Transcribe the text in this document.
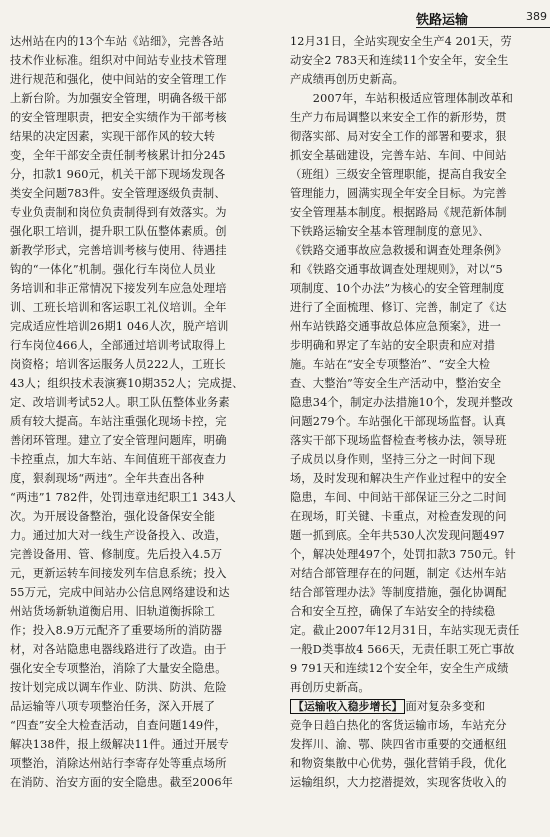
铁路运输	389

达州站在内的13个车站《站细》，完善各站

技术作业标准。组织对中间站专业技术管理

进行规范和强化，使中间站的安全管理工作

上新台阶。为加强安全管理，明确各级干部

的安全管理职责，把安全实绩作为干部考核

结果的决定因素，实现干部作风的较大转

变，全年干部安全责任制考核累计扣分245

分，扣款1 960元，机关干部下现场发现各

类安全问题783件。安全管理逐级负责制、

专业负责制和岗位负责制得到有效落实。为

强化职工培训，提升职工队伍整体素质。创

新教学形式，完善培训考核与使用、待遇挂

钩的“一体化”机制。强化行车岗位人员业

务培训和非正常情况下接发列车应急处理培

训、工班长培训和客运职工礼仪培训。全年

完成适应性培训26期1 046人次，脱产培训

行车岗位466人，全部通过培训考试取得上

岗资格；培训客运服务人员222人，工班长

43人；组织技术表演赛10期352人；完成提、

定、改培训考试52人。职工队伍整体业务素

质有较大提高。车站注重强化现场卡控，完

善闭环管理。建立了安全管理问题库，明确

卡控重点，加大车站、车间值班干部夜查力

度，狠刹现场“两违”。全年共查出各种

“两违”1 782件，处罚违章违纪职工1 343人

次。为开展设备整治，强化设备保安全能

力。通过加大对一线生产设备投入、改造，

完善设备用、管、修制度。先后投入4.5万

元，更新运转车间接发列车信息系统；投入

55万元，完成中间站办公信息网络建设和达

州站货场新轨道衡启用、旧轨道衡拆除工

作；投入8.9万元配齐了重要场所的消防器

材，对各站隐患电器线路进行了改造。由于

强化安全专项整治，消除了大量安全隐患。

按计划完成以调车作业、防洪、防洪、危险

品运输等八项专项整治任务，深入开展了

“四查”安全大检查活动，自查问题149件，

解决138件，报上级解决11件。通过开展专

项整治，消除达州站行李寄存处等重点场所

在消防、治安方面的安全隐患。截至2006年

12月31日，全站实现安全生产4 201天，劳

动安全2 783天和连续11个安全年，安全生

产成绩再创历史新高。

　　2007年，车站积极适应管理体制改革和

生产力布局调整以来安全工作的新形势，贯

彻落实部、局对安全工作的部署和要求，狠

抓安全基础建设，完善车站、车间、中间站

（班组）三级安全管理职能，提高自我安全

管理能力，圆满实现全年安全目标。为完善

安全管理基本制度。根据路局《规范新体制

下铁路运输安全基本管理制度的意见》、

《铁路交通事故应急救援和调查处理条例》

和《铁路交通事故调查处理规则》，对以“5

项制度、10个办法”为核心的安全管理制度

进行了全面梳理、修订、完善，制定了《达

州车站铁路交通事故总体应急预案》，进一

步明确和界定了车站的安全职责和应对措

施。车站在“安全专项整治”、“安全大检

查、大整治”等安全生产活动中，整治安全

隐患34个，制定办法措施10个，发现并整改

问题279个。车站强化干部现场监督。认真

落实干部下现场监督检查考核办法，领导班

子成员以身作则，坚持三分之一时间下现

场，及时发现和解决生产作业过程中的安全

隐患，车间、中间站干部保证三分之二时间

在现场，盯关键、卡重点，对检查发现的问

题一抓到底。全年共530人次发现问题497

个，解决处理497个，处罚扣款3 750元。针

对结合部管理存在的问题，制定《达州车站

结合部管理办法》等制度措施，强化协调配

合和安全互控，确保了车站安全的持续稳

定。截止2007年12月31日，车站实现无责任

一般D类事故4 566天，无责任职工死亡事故

9 791天和连续12个安全年，安全生产成绩

再创历史新高。

【运输收入稳步增长】 面对复杂多变和

竞争日趋白热化的客货运输市场，车站充分

发挥川、渝、鄂、陕四省市重要的交通枢纽

和物资集散中心优势，强化营销手段，优化

运输组织，大力挖潜提效，实现客货收入的
